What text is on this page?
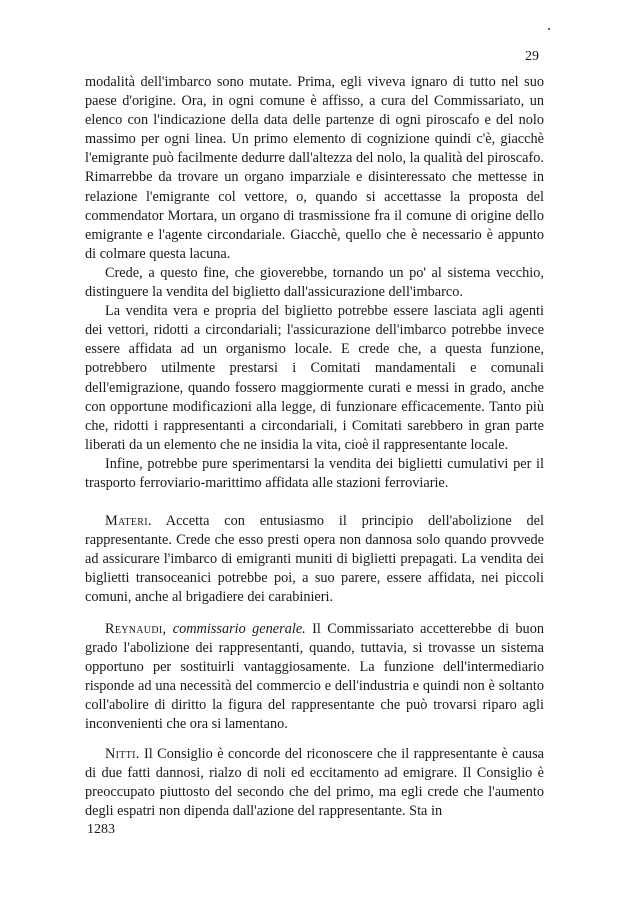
29

modalità dell'imbarco sono mutate. Prima, egli viveva ignaro di tutto nel suo paese d'origine. Ora, in ogni comune è affisso, a cura del Commissariato, un elenco con l'indicazione della data delle partenze di ogni piroscafo e del nolo massimo per ogni linea. Un primo elemento di cognizione quindi c'è, giacchè l'emigrante può facilmente dedurre dall'altezza del nolo, la qualità del piroscafo. Rimarrebbe da trovare un organo imparziale e disinteressato che mettesse in relazione l'emigrante col vettore, o, quando si accettasse la proposta del commendator Mortara, un organo di trasmissione fra il comune di origine dello emigrante e l'agente circondariale. Giacchè, quello che è necessario è appunto di colmare questa lacuna.

Crede, a questo fine, che gioverebbe, tornando un po' al sistema vecchio, distinguere la vendita del biglietto dall'assicurazione dell'imbarco.

La vendita vera e propria del biglietto potrebbe essere lasciata agli agenti dei vettori, ridotti a circondariali; l'assicurazione dell'imbarco potrebbe invece essere affidata ad un organismo locale. E crede che, a questa funzione, potrebbero utilmente prestarsi i Comitati mandamentali e comunali dell'emigrazione, quando fossero maggiormente curati e messi in grado, anche con opportune modificazioni alla legge, di funzionare efficacemente. Tanto più che, ridotti i rappresentanti a circondariali, i Comitati sarebbero in gran parte liberati da un elemento che ne insidia la vita, cioè il rappresentante locale.

Infine, potrebbe pure sperimentarsi la vendita dei biglietti cumulativi per il trasporto ferroviario-marittimo affidata alle stazioni ferroviarie.

Materi. Accetta con entusiasmo il principio dell'abolizione del rappresentante. Crede che esso presti opera non dannosa solo quando provvede ad assicurare l'imbarco di emigranti muniti di biglietti prepagati. La vendita dei biglietti transoceanici potrebbe poi, a suo parere, essere affidata, nei piccoli comuni, anche al brigadiere dei carabinieri.

Reynaudi, commissario generale. Il Commissariato accetterebbe di buon grado l'abolizione dei rappresentanti, quando, tuttavia, si trovasse un sistema opportuno per sostituirli vantaggiosamente. La funzione dell'intermediario risponde ad una necessità del commercio e dell'industria e quindi non è soltanto coll'abolire di diritto la figura del rappresentante che può trovarsi riparo agli inconvenienti che ora si lamentano.

Nitti. Il Consiglio è concorde del riconoscere che il rappresentante è causa di due fatti dannosi, rialzo di noli ed eccitamento ad emigrare. Il Consiglio è preoccupato piuttosto del secondo che del primo, ma egli crede che l'aumento degli espatri non dipenda dall'azione del rappresentante. Sta in

1283
